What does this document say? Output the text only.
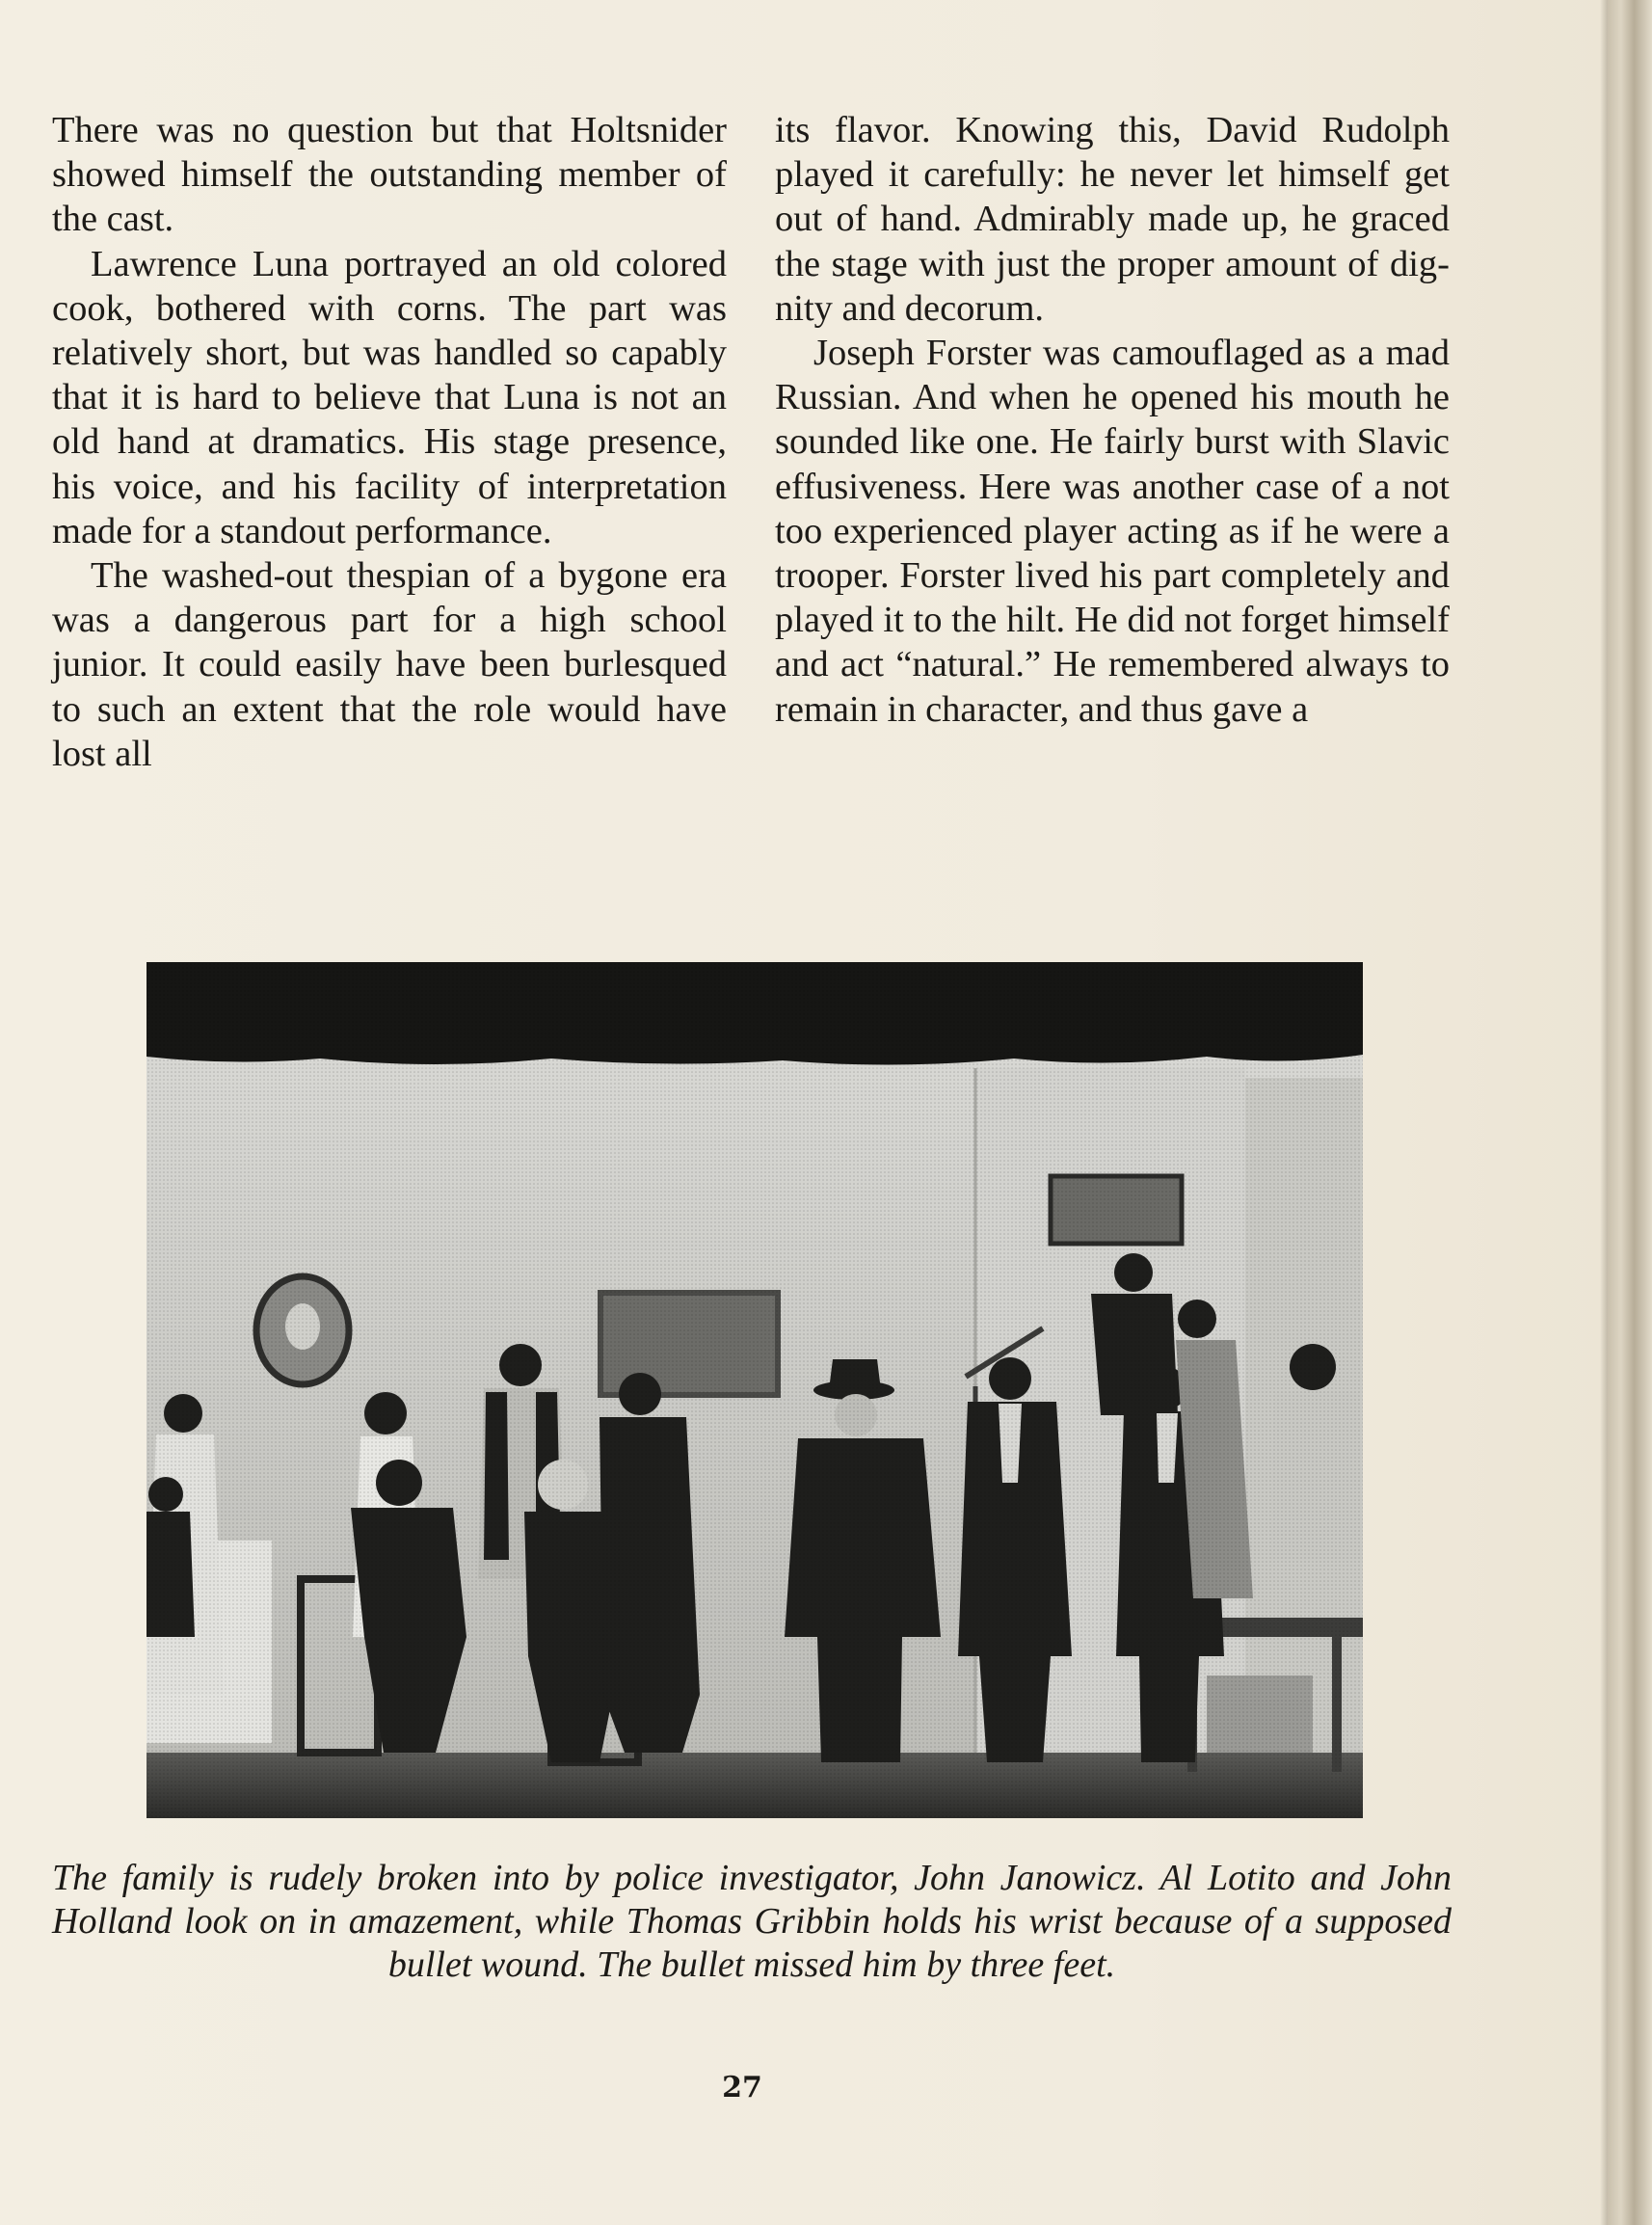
There was no question but that Holtsnider showed himself the outstanding member of the cast.

Lawrence Luna portrayed an old colored cook, bothered with corns. The part was relatively short, but was handled so capably that it is hard to believe that Luna is not an old hand at dramatics. His stage presence, his voice, and his facility of interpretation made for a standout performance.

The washed-out thespian of a bygone era was a dangerous part for a high school junior. It could easily have been burlesqued to such an extent that the role would have lost all

its flavor. Knowing this, David Rudolph played it carefully: he never let himself get out of hand. Admirably made up, he graced the stage with just the proper amount of dignity and decorum.

Joseph Forster was camouflaged as a mad Russian. And when he opened his mouth he sounded like one. He fairly burst with Slavic effusiveness. Here was another case of a not too experienced player acting as if he were a trooper. Forster lived his part completely and played it to the hilt. He did not forget himself and act “natural.” He remembered always to remain in character, and thus gave a

The family is rudely broken into by police investigator, John Janowicz. Al Lotito and John Holland look on in amazement, while Thomas Gribbin holds his wrist because of a supposed bullet wound. The bullet missed him by three feet.
27
